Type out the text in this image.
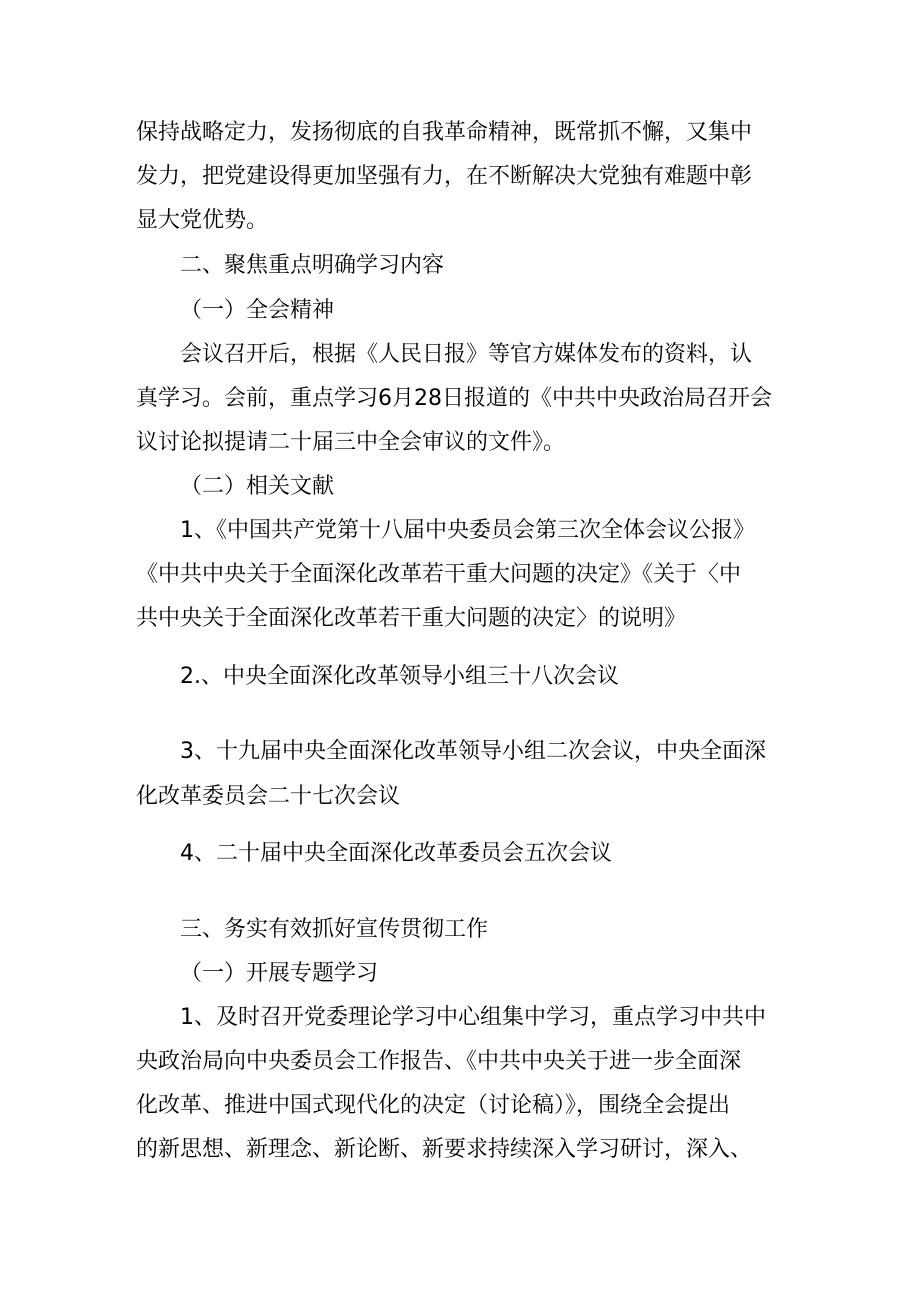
保持战略定力，发扬彻底的自我革命精神，既常抓不懈，又集中
发力，把党建设得更加坚强有力，在不断解决大党独有难题中彰
显大党优势。
二、聚焦重点明确学习内容
（一）全会精神
会议召开后，根据《人民日报》等官方媒体发布的资料，认
真学习。会前，重点学习6月28日报道的《中共中央政治局召开会
议讨论拟提请二十届三中全会审议的文件》。
（二）相关文献
1、《中国共产党第十八届中央委员会第三次全体会议公报》
《中共中央关于全面深化改革若干重大问题的决定》《关于〈中
共中央关于全面深化改革若干重大问题的决定〉的说明》
2.、中央全面深化改革领导小组三十八次会议
3、十九届中央全面深化改革领导小组二次会议，中央全面深
化改革委员会二十七次会议
4、二十届中央全面深化改革委员会五次会议
三、务实有效抓好宣传贯彻工作
（一）开展专题学习
1、及时召开党委理论学习中心组集中学习，重点学习中共中
央政治局向中央委员会工作报告、《中共中央关于进一步全面深
化改革、推进中国式现代化的决定（讨论稿）》，围绕全会提出
的新思想、新理念、新论断、新要求持续深入学习研讨，深入、
